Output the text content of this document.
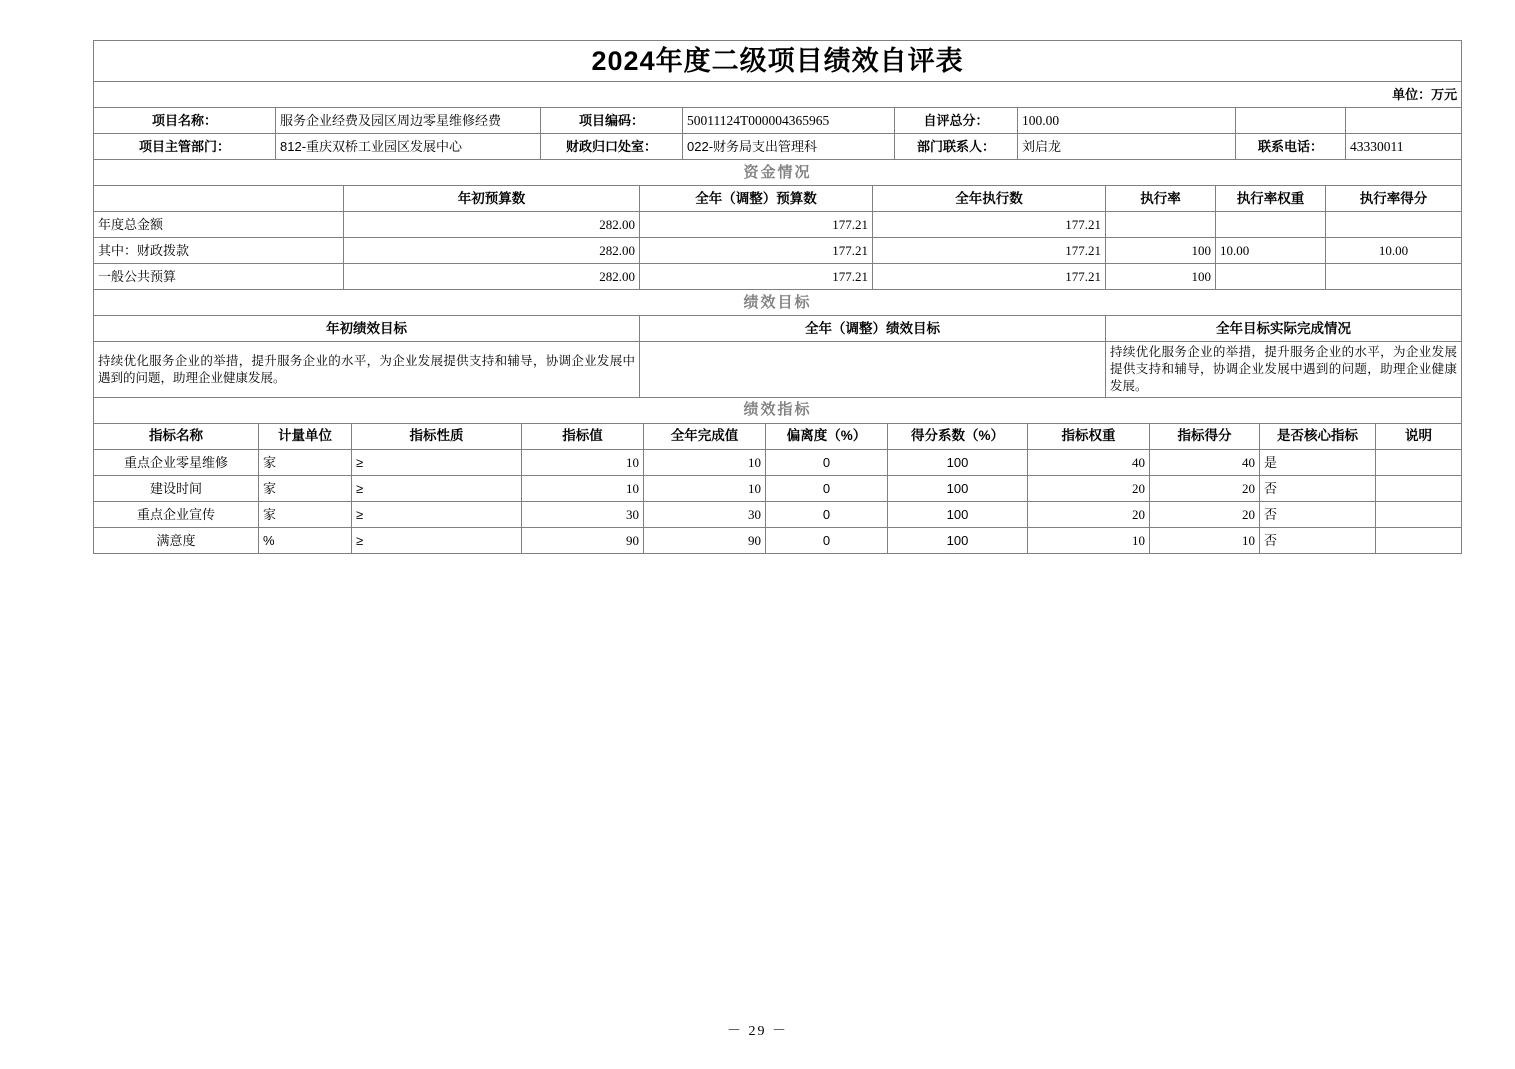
2024年度二级项目绩效自评表							
单位：万元							
项目名称：	服务企业经费及园区周边零星维修经费	项目编码：	50011124T000004365965	自评总分：	100.00		
项目主管部门：	812-重庆双桥工业园区发展中心	财政归口处室：	022-财务局支出管理科	部门联系人：	刘启龙	联系电话：	43330011
资金情况							
	年初预算数	全年（调整）预算数	全年执行数	执行率	执行率权重	执行率得分
年度总金额	282.00	177.21	177.21			
其中：财政拨款	282.00	177.21	177.21	100	10.00	10.00
一般公共预算	282.00	177.21	177.21	100		
绩效目标		
年初绩效目标	全年（调整）绩效目标	全年目标实际完成情况
持续优化服务企业的举措，提升服务企业的水平，为企业发展提供支持和辅导，协调企业发展中遇到的问题，助理企业健康发展。		持续优化服务企业的举措，提升服务企业的水平，为企业发展提供支持和辅导，协调企业发展中遇到的问题，助理企业健康发展。
绩效指标										
指标名称	计量单位	指标性质	指标值	全年完成值	偏离度（%）	得分系数（%）	指标权重	指标得分	是否核心指标	说明
重点企业零星维修	家	≥	10	10	0	100	40	40	是	
建设时间	家	≥	10	10	0	100	20	20	否	
重点企业宣传	家	≥	30	30	0	100	20	20	否	
满意度	%	≥	90	90	0	100	10	10	否	
－ 29 －
